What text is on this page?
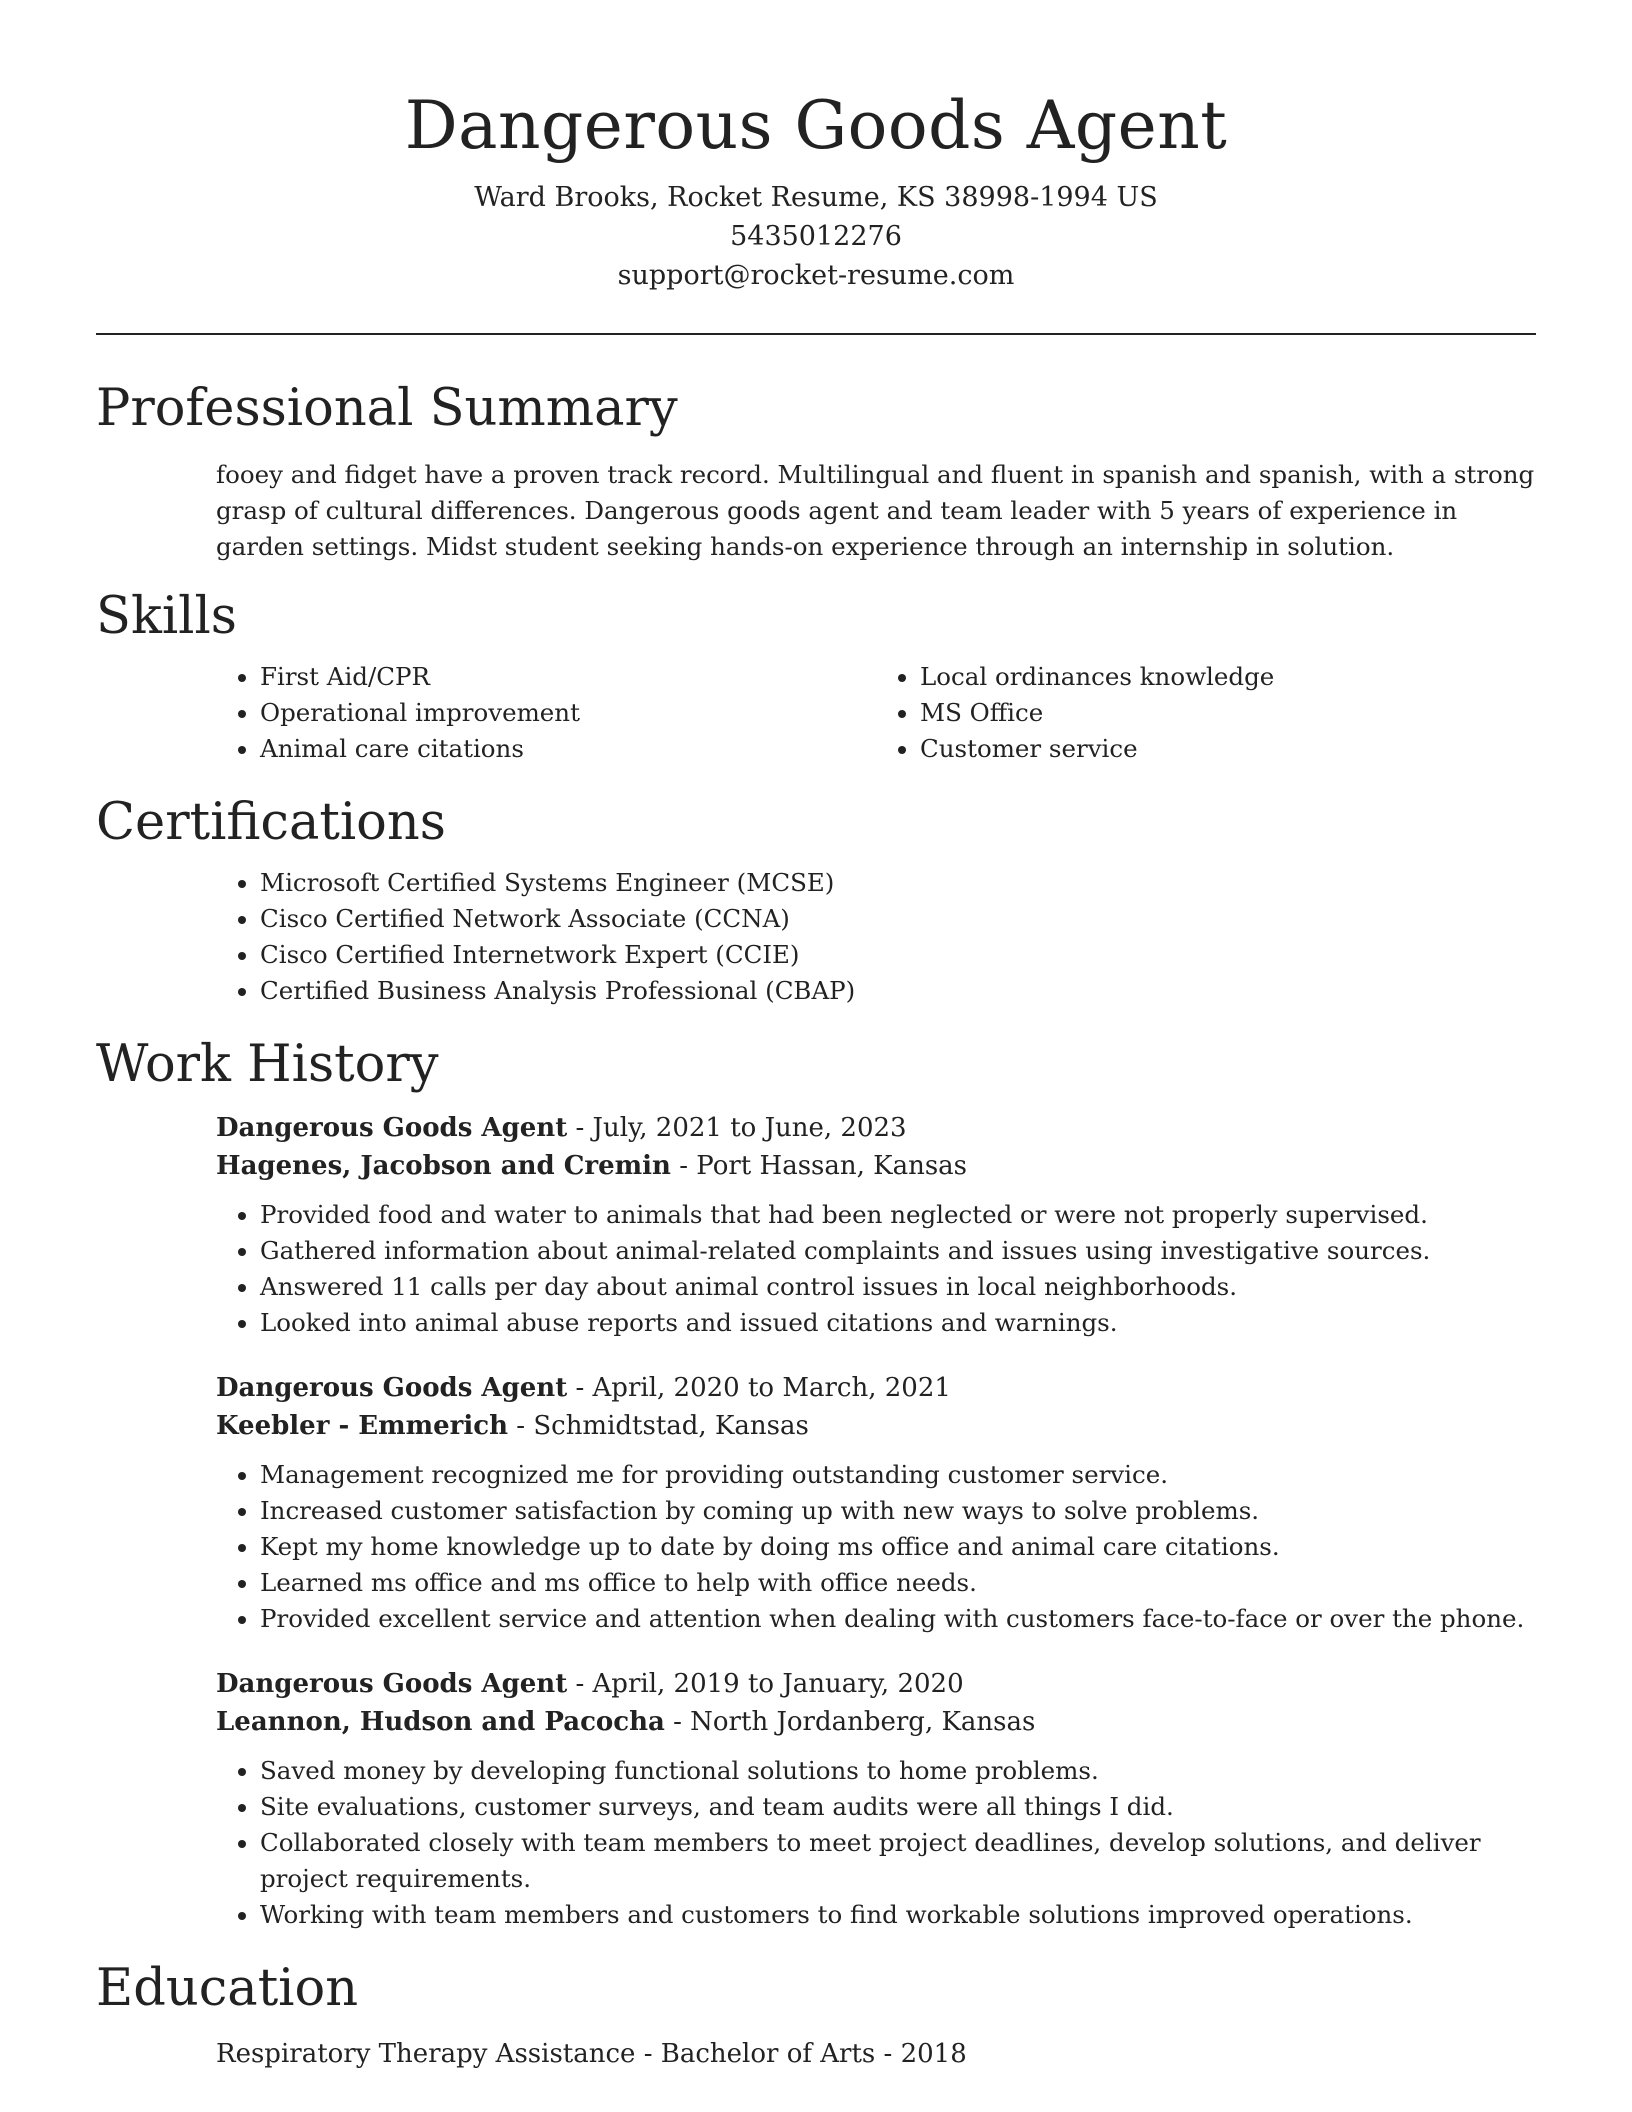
Dangerous Goods Agent

Ward Brooks, Rocket Resume, KS 38998-1994 US

5435012276

support@rocket-resume.com

Professional Summary

fooey and fidget have a proven track record. Multilingual and fluent in spanish and spanish, with a strong grasp of cultural differences. Dangerous goods agent and team leader with 5 years of experience in garden settings. Midst student seeking hands-on experience through an internship in solution.

Skills
• First Aid/CPR
• Operational improvement
• Animal care citations
• Local ordinances knowledge
• MS Office
• Customer service
Certifications
• Microsoft Certified Systems Engineer (MCSE)
• Cisco Certified Network Associate (CCNA)
• Cisco Certified Internetwork Expert (CCIE)
• Certified Business Analysis Professional (CBAP)
Work History

Dangerous Goods Agent - July, 2021 to June, 2023

Hagenes, Jacobson and Cremin - Port Hassan, Kansas

• Provided food and water to animals that had been neglected or were not properly supervised.
• Gathered information about animal-related complaints and issues using investigative sources.
• Answered 11 calls per day about animal control issues in local neighborhoods.
• Looked into animal abuse reports and issued citations and warnings.

Dangerous Goods Agent - April, 2020 to March, 2021

Keebler - Emmerich - Schmidtstad, Kansas

• Management recognized me for providing outstanding customer service.
• Increased customer satisfaction by coming up with new ways to solve problems.
• Kept my home knowledge up to date by doing ms office and animal care citations.
• Learned ms office and ms office to help with office needs.
• Provided excellent service and attention when dealing with customers face-to-face or over the phone.

Dangerous Goods Agent - April, 2019 to January, 2020

Leannon, Hudson and Pacocha - North Jordanberg, Kansas

• Saved money by developing functional solutions to home problems.
• Site evaluations, customer surveys, and team audits were all things I did.
• Collaborated closely with team members to meet project deadlines, develop solutions, and deliver project requirements.
• Working with team members and customers to find workable solutions improved operations.
Education

Respiratory Therapy Assistance - Bachelor of Arts - 2018
